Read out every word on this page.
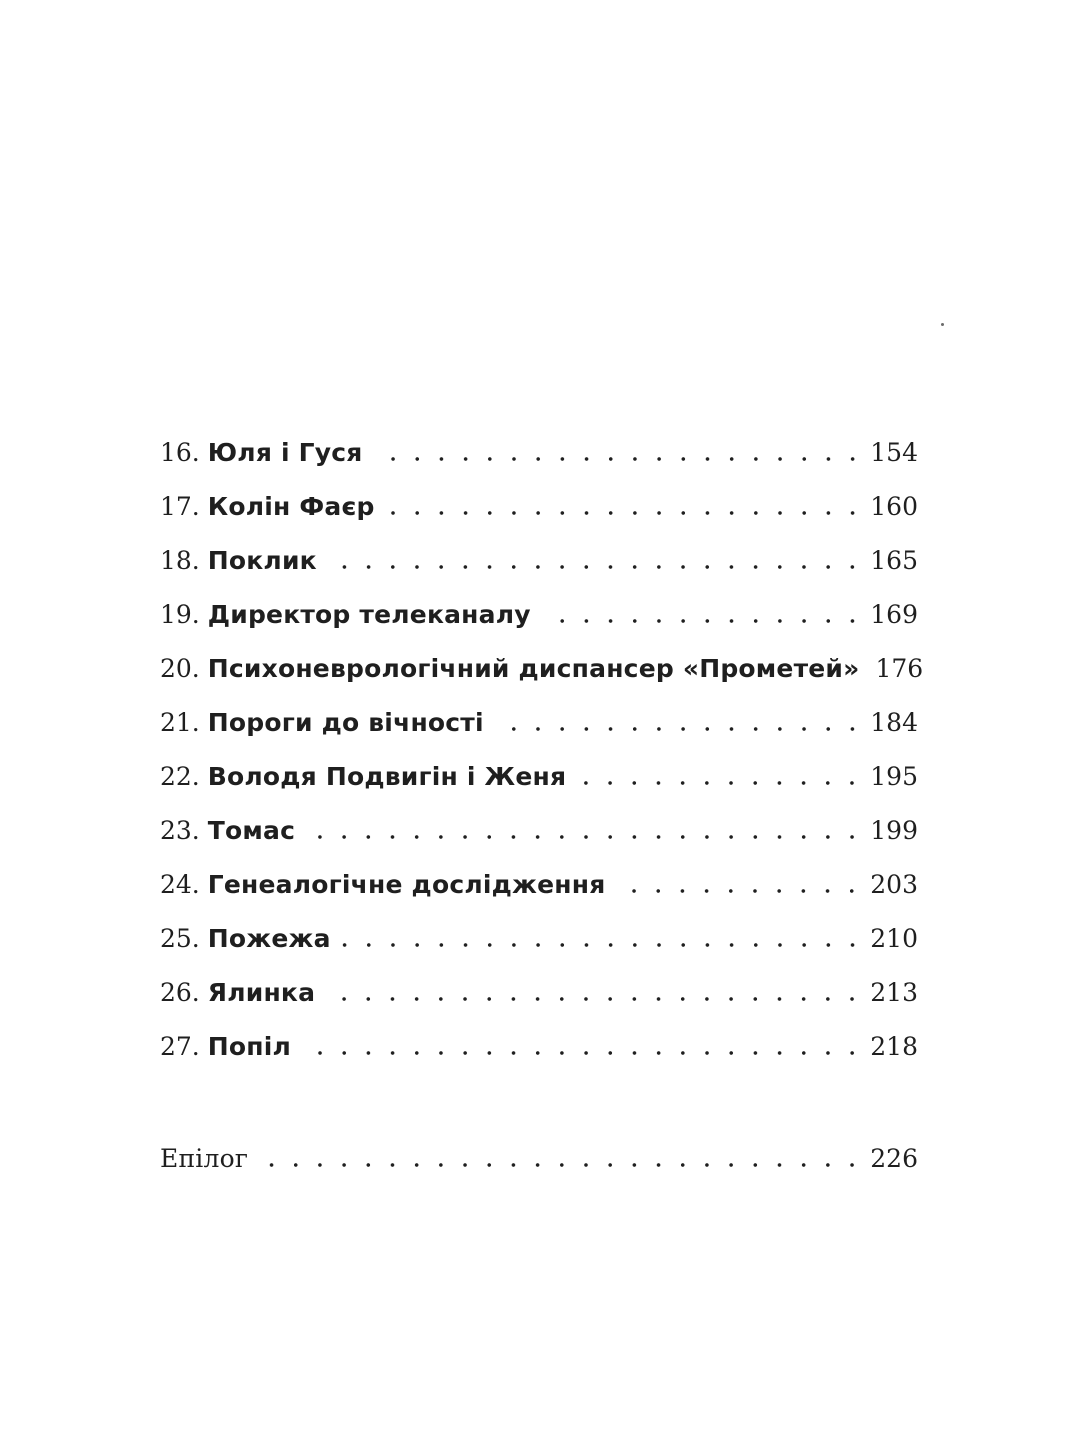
16. Юля і Гуся	154
17. Колін Фаєр	160
18. Поклик	165
19. Директор телеканалу	169
20. Психоневрологічний диспансер «Прометей» 176
21. Пороги до вічності	184
22. Володя Подвигін і Женя	195
23. Томас	199
24. Генеалогічне дослідження	203
25. Пожежа	210
26. Ялинка	213
27. Попіл	218
Епілог	226
